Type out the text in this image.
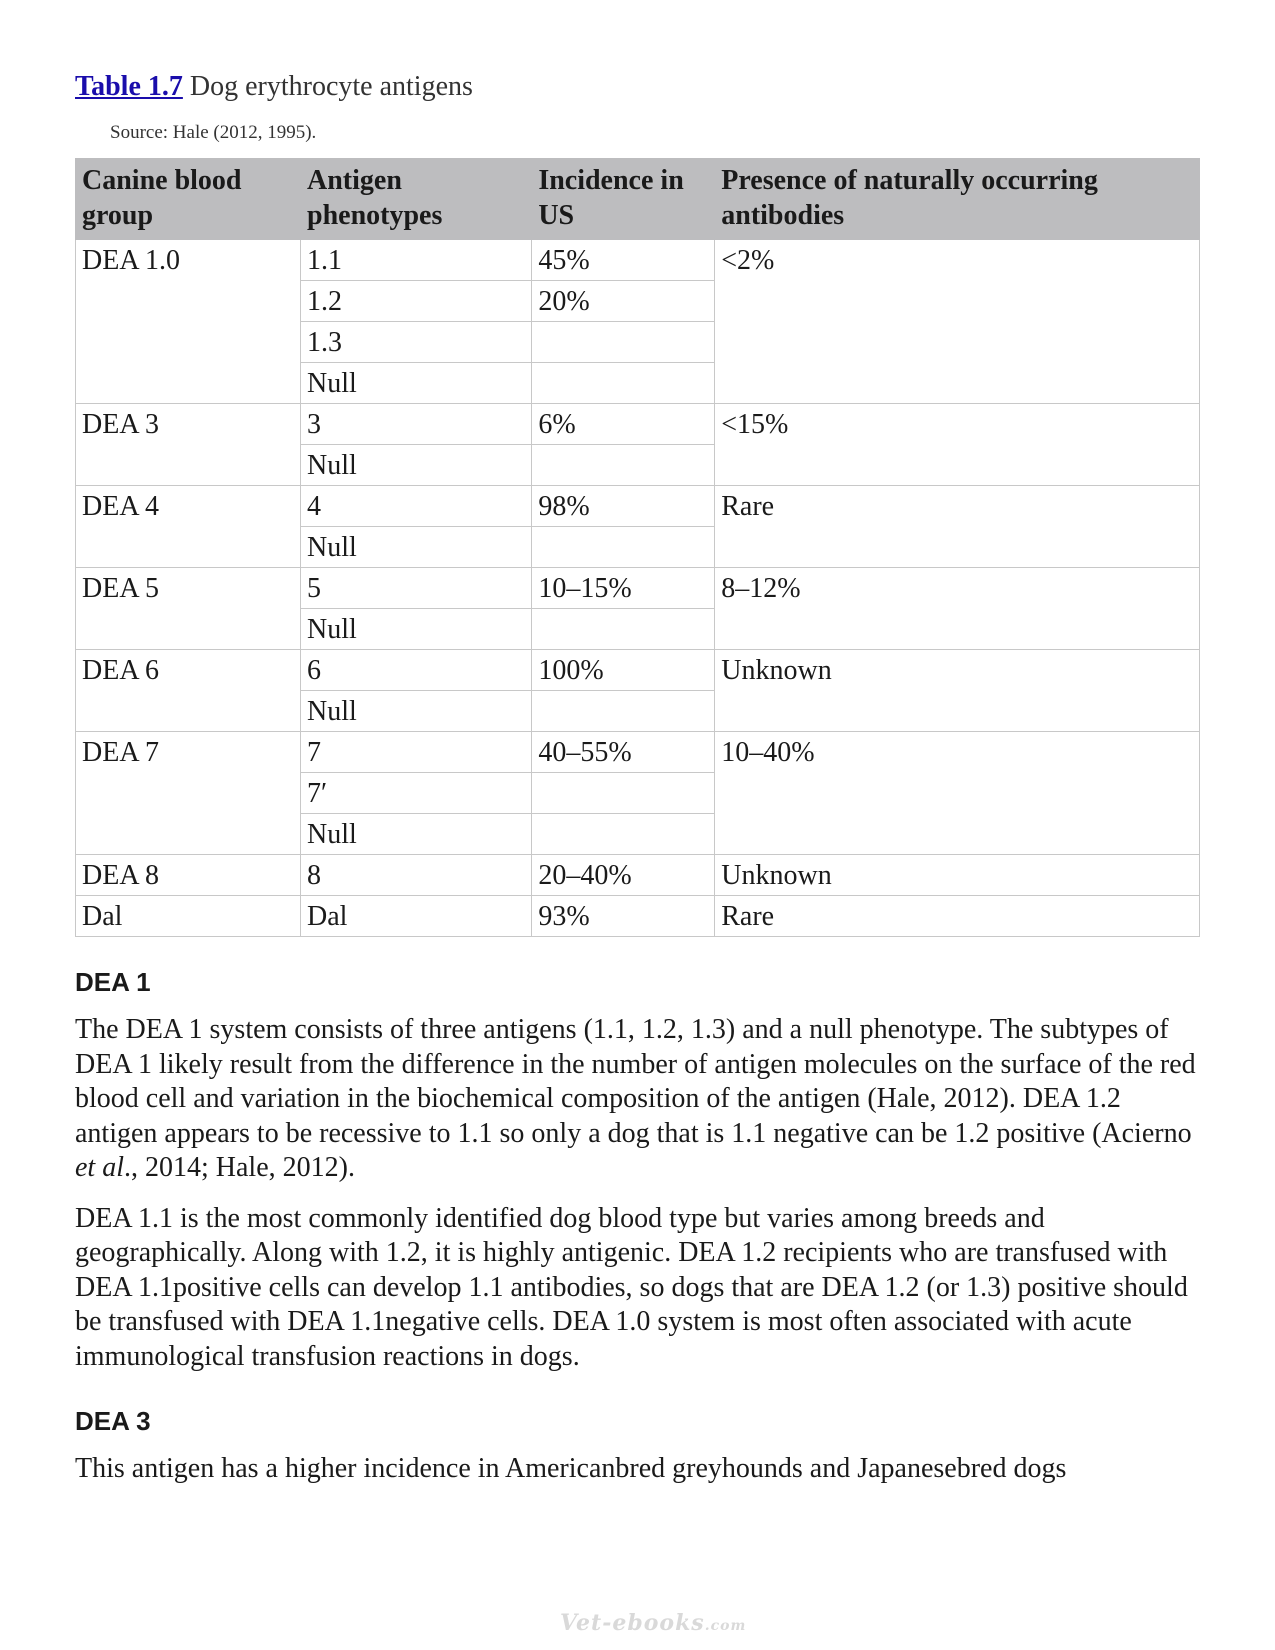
Table 1.7 Dog erythrocyte antigens

Source: Hale (2012, 1995).

Canine blood group	Antigen phenotypes	Incidence in US	Presence of naturally occurring antibodies
DEA 1.0	1.1	45%	<2%
	1.2	20%	
	1.3		
	Null		
DEA 3	3	6%	<15%
	Null		
DEA 4	4	98%	Rare
	Null		
DEA 5	5	10–15%	8–12%
	Null		
DEA 6	6	100%	Unknown
	Null		
DEA 7	7	40–55%	10–40%
	7′		
	Null		
DEA 8	8	20–40%	Unknown
Dal	Dal	93%	Rare
DEA 1

The DEA 1 system consists of three antigens (1.1, 1.2, 1.3) and a null phenotype. The subtypes of DEA 1 likely result from the difference in the number of antigen molecules on the surface of the red blood cell and variation in the biochemical composition of the antigen (Hale, 2012). DEA 1.2 antigen appears to be recessive to 1.1 so only a dog that is 1.1 negative can be 1.2 positive (Acierno et al., 2014; Hale, 2012).

DEA 1.1 is the most commonly identified dog blood type but varies among breeds and geographically. Along with 1.2, it is highly antigenic. DEA 1.2 recipients who are transfused with DEA 1.1positive cells can develop 1.1 antibodies, so dogs that are DEA 1.2 (or 1.3) positive should be transfused with DEA 1.1negative cells. DEA 1.0 system is most often associated with acute immunological transfusion reactions in dogs.

DEA 3

This antigen has a higher incidence in Americanbred greyhounds and Japanesebred dogs

Vet-ebooks.com
